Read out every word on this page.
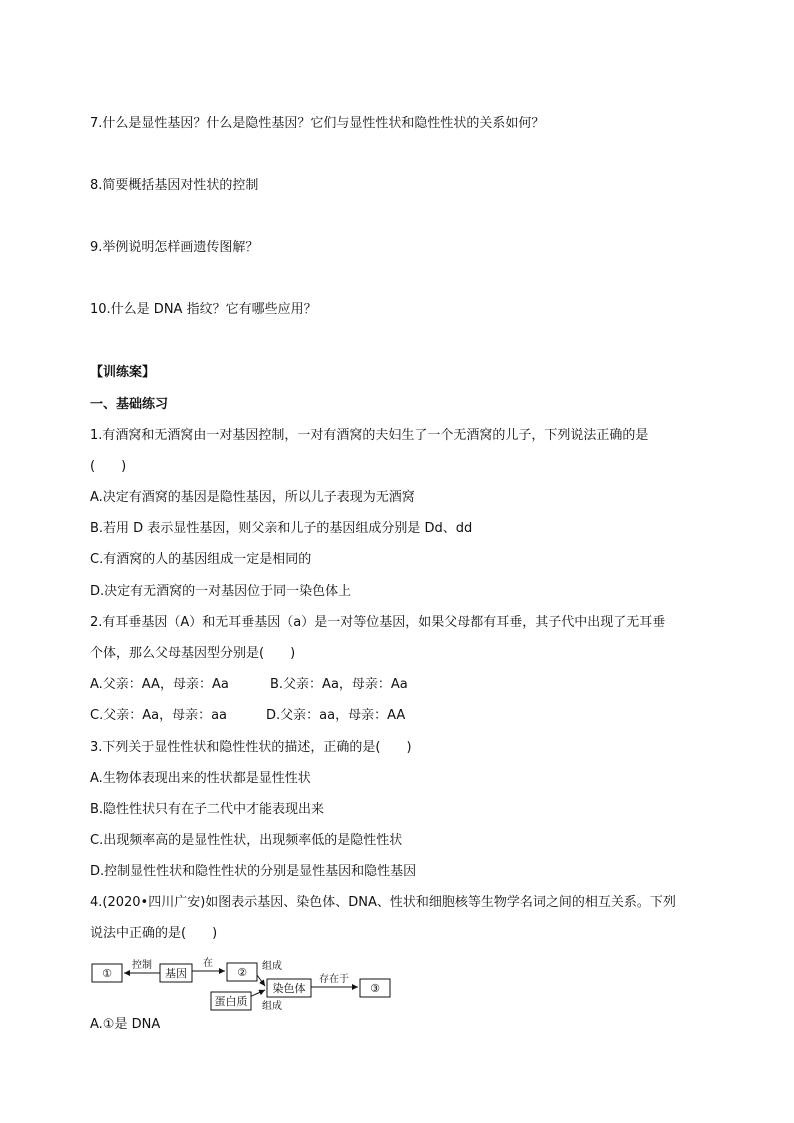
7.什么是显性基因？什么是隐性基因？它们与显性性状和隐性性状的关系如何？
8.简要概括基因对性状的控制
9.举例说明怎样画遗传图解？
10.什么是 DNA 指纹？它有哪些应用？
【训练案】
一、基础练习
1.有酒窝和无酒窝由一对基因控制，一对有酒窝的夫妇生了一个无酒窝的儿子，下列说法正确的是
(　　)
A.决定有酒窝的基因是隐性基因，所以儿子表现为无酒窝
B.若用 D 表示显性基因，则父亲和儿子的基因组成分别是 Dd、dd
C.有酒窝的人的基因组成一定是相同的
D.决定有无酒窝的一对基因位于同一染色体上
2.有耳垂基因（A）和无耳垂基因（a）是一对等位基因，如果父母都有耳垂，其子代中出现了无耳垂
个体，那么父母基因型分别是(　　)
A.父亲：AA，母亲：Aa	B.父亲：Aa，母亲：Aa
C.父亲：Aa，母亲：aa	D.父亲：aa，母亲：AA
3.下列关于显性性状和隐性性状的描述，正确的是(　　)
A.生物体表现出来的性状都是显性性状
B.隐性性状只有在子二代中才能表现出来
C.出现频率高的是显性性状，出现频率低的是隐性性状
D.控制显性性状和隐性性状的分别是显性基因和隐性基因
4.(2020•四川广安)如图表示基因、染色体、DNA、性状和细胞核等生物学名词之间的相互关系。下列
说法中正确的是(　　)
①
控制
基因
在
② 组成
组成
蛋白质
染色体
存在于
③
A.①是 DNA
